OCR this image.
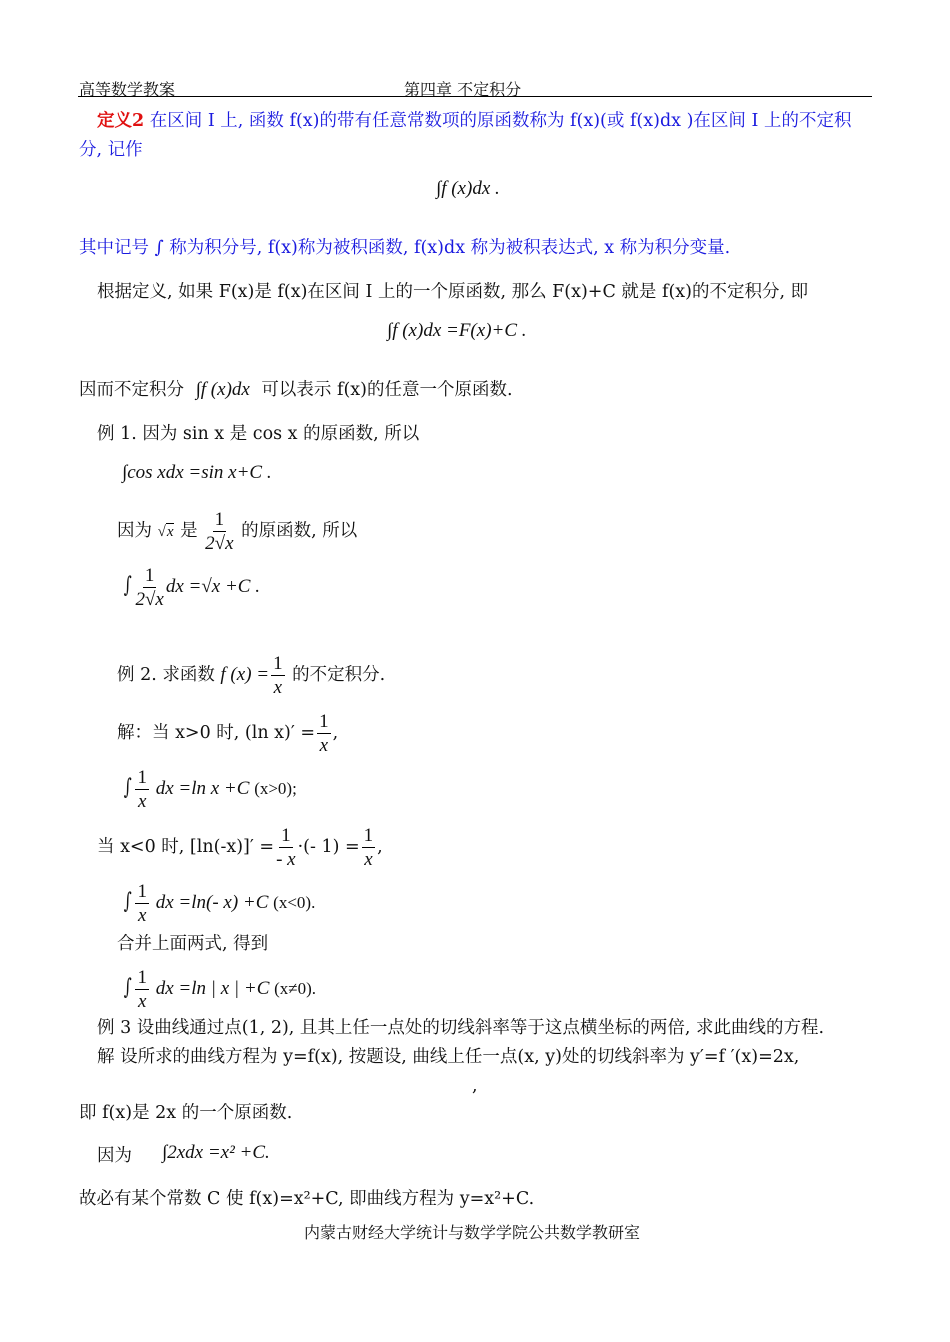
高等数学教案	第四章 不定积分
定义2 在区间 I 上, 函数 f(x)的带有任意常数项的原函数称为 f(x)(或 f(x)dx )在区间 I 上的不定积
分, 记作
∫f (x)dx .
其中记号 ∫ 称为积分号, f(x)称为被积函数, f(x)dx 称为被积表达式, x 称为积分变量.
根据定义, 如果 F(x)是 f(x)在区间 I 上的一个原函数, 那么 F(x)+C 就是 f(x)的不定积分, 即
∫f (x)dx =F(x)+C .
因而不定积分 ∫f (x)dx 可以表示 f(x)的任意一个原函数.
例 1. 因为 sin x 是 cos x 的原函数, 所以
∫cos xdx =sin x+C .
因为 √x 是 $\frac{1}{2√x}$ 的原函数, 所以
∫ $\frac{1}{2√x}$ dx =√x +C .
例 2. 求函数 f $(x) = \frac{1}{x}$ 的不定积分.
解：当 x>0 时, (ln $x)' = \frac{1}{x}$ ,
∫ $\frac{1}{x}$ dx =ln x +C (x>0);
当 x<0 时, $[\ln(-x)]' = \frac{1}{- x}$ ·(- $1) = \frac{1}{x}$ ,
∫ $\frac{1}{x}$ dx =ln(- x) +C (x<0).
合并上面两式, 得到
∫ $\frac{1}{x}$ dx =ln | x | +C (x≠0).
例 3 设曲线通过点(1, 2), 且其上任一点处的切线斜率等于这点横坐标的两倍, 求此曲线的方程.
解 设所求的曲线方程为 y=f(x), 按题设, 曲线上任一点(x, y)处的切线斜率为 y′=f ′(x)=2x,
,
即 f(x)是 2x 的一个原函数.
因为 ∫2xdx =x² +C.
故必有某个常数 C 使 f(x)=x²+C, 即曲线方程为 y=x²+C.
内蒙古财经大学统计与数学学院公共数学教研室
